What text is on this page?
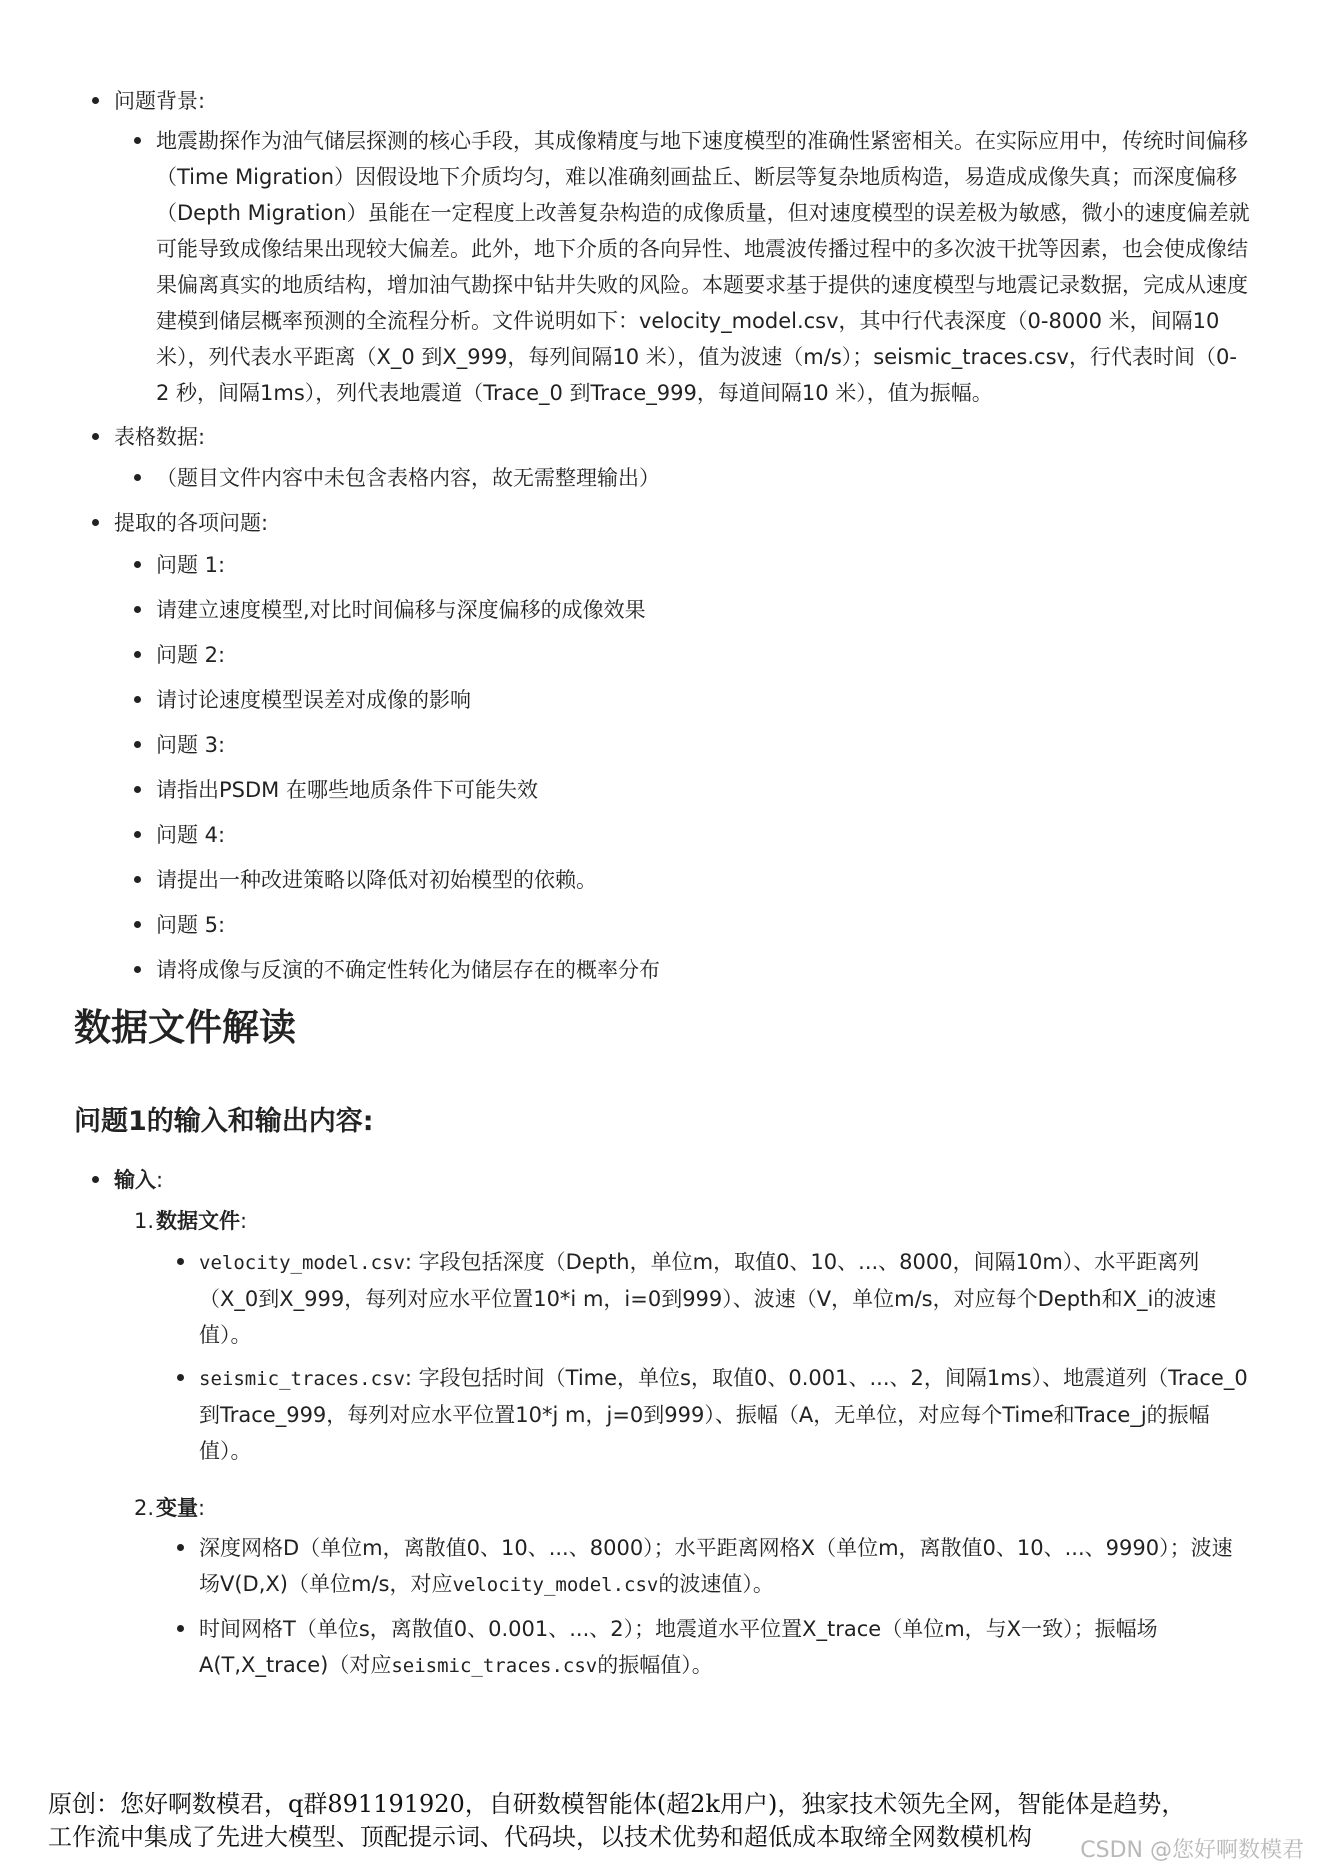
问题背景:
地震勘探作为油气储层探测的核心手段，其成像精度与地下速度模型的准确性紧密相关。在实际应用中，传统时间偏移
（Time Migration）因假设地下介质均匀，难以准确刻画盐丘、断层等复杂地质构造，易造成成像失真；而深度偏移
（Depth Migration）虽能在一定程度上改善复杂构造的成像质量，但对速度模型的误差极为敏感，微小的速度偏差就
可能导致成像结果出现较大偏差。此外，地下介质的各向异性、地震波传播过程中的多次波干扰等因素，也会使成像结
果偏离真实的地质结构，增加油气勘探中钻井失败的风险。本题要求基于提供的速度模型与地震记录数据，完成从速度
建模到储层概率预测的全流程分析。文件说明如下：velocity_model.csv，其中行代表深度（0-8000 米，间隔10
米），列代表水平距离（X_0 到X_999，每列间隔10 米），值为波速（m/s）；seismic_traces.csv，行代表时间（0-
2 秒，间隔1ms），列代表地震道（Trace_0 到Trace_999，每道间隔10 米），值为振幅。
表格数据:
（题目文件内容中未包含表格内容，故无需整理输出）
提取的各项问题:
问题 1:
请建立速度模型,对比时间偏移与深度偏移的成像效果
问题 2:
请讨论速度模型误差对成像的影响
问题 3:
请指出PSDM 在哪些地质条件下可能失效
问题 4:
请提出一种改进策略以降低对初始模型的依赖。
问题 5:
请将成像与反演的不确定性转化为储层存在的概率分布
数据文件解读
问题1的输入和输出内容:
输入:
1. 数据文件:
velocity_model.csv: 字段包括深度（Depth，单位m，取值0、10、...、8000，间隔10m）、水平距离列
（X_0到X_999，每列对应水平位置10*i m，i=0到999）、波速（V，单位m/s，对应每个Depth和X_i的波速
值）。
seismic_traces.csv: 字段包括时间（Time，单位s，取值0、0.001、...、2，间隔1ms）、地震道列（Trace_0
到Trace_999，每列对应水平位置10*j m，j=0到999）、振幅（A，无单位，对应每个Time和Trace_j的振幅
值）。
2. 变量:
深度网格D（单位m，离散值0、10、...、8000）；水平距离网格X（单位m，离散值0、10、...、9990）；波速
场V(D,X)（单位m/s，对应velocity_model.csv的波速值）。
时间网格T（单位s，离散值0、0.001、...、2）；地震道水平位置X_trace（单位m，与X一致）；振幅场
A(T,X_trace)（对应seismic_traces.csv的振幅值）。
原创：您好啊数模君，q群891191920，自研数模智能体(超2k用户)，独家技术领先全网，智能体是趋势，
工作流中集成了先进大模型、顶配提示词、代码块，以技术优势和超低成本取缔全网数模机构	CSDN @您好啊数模君
